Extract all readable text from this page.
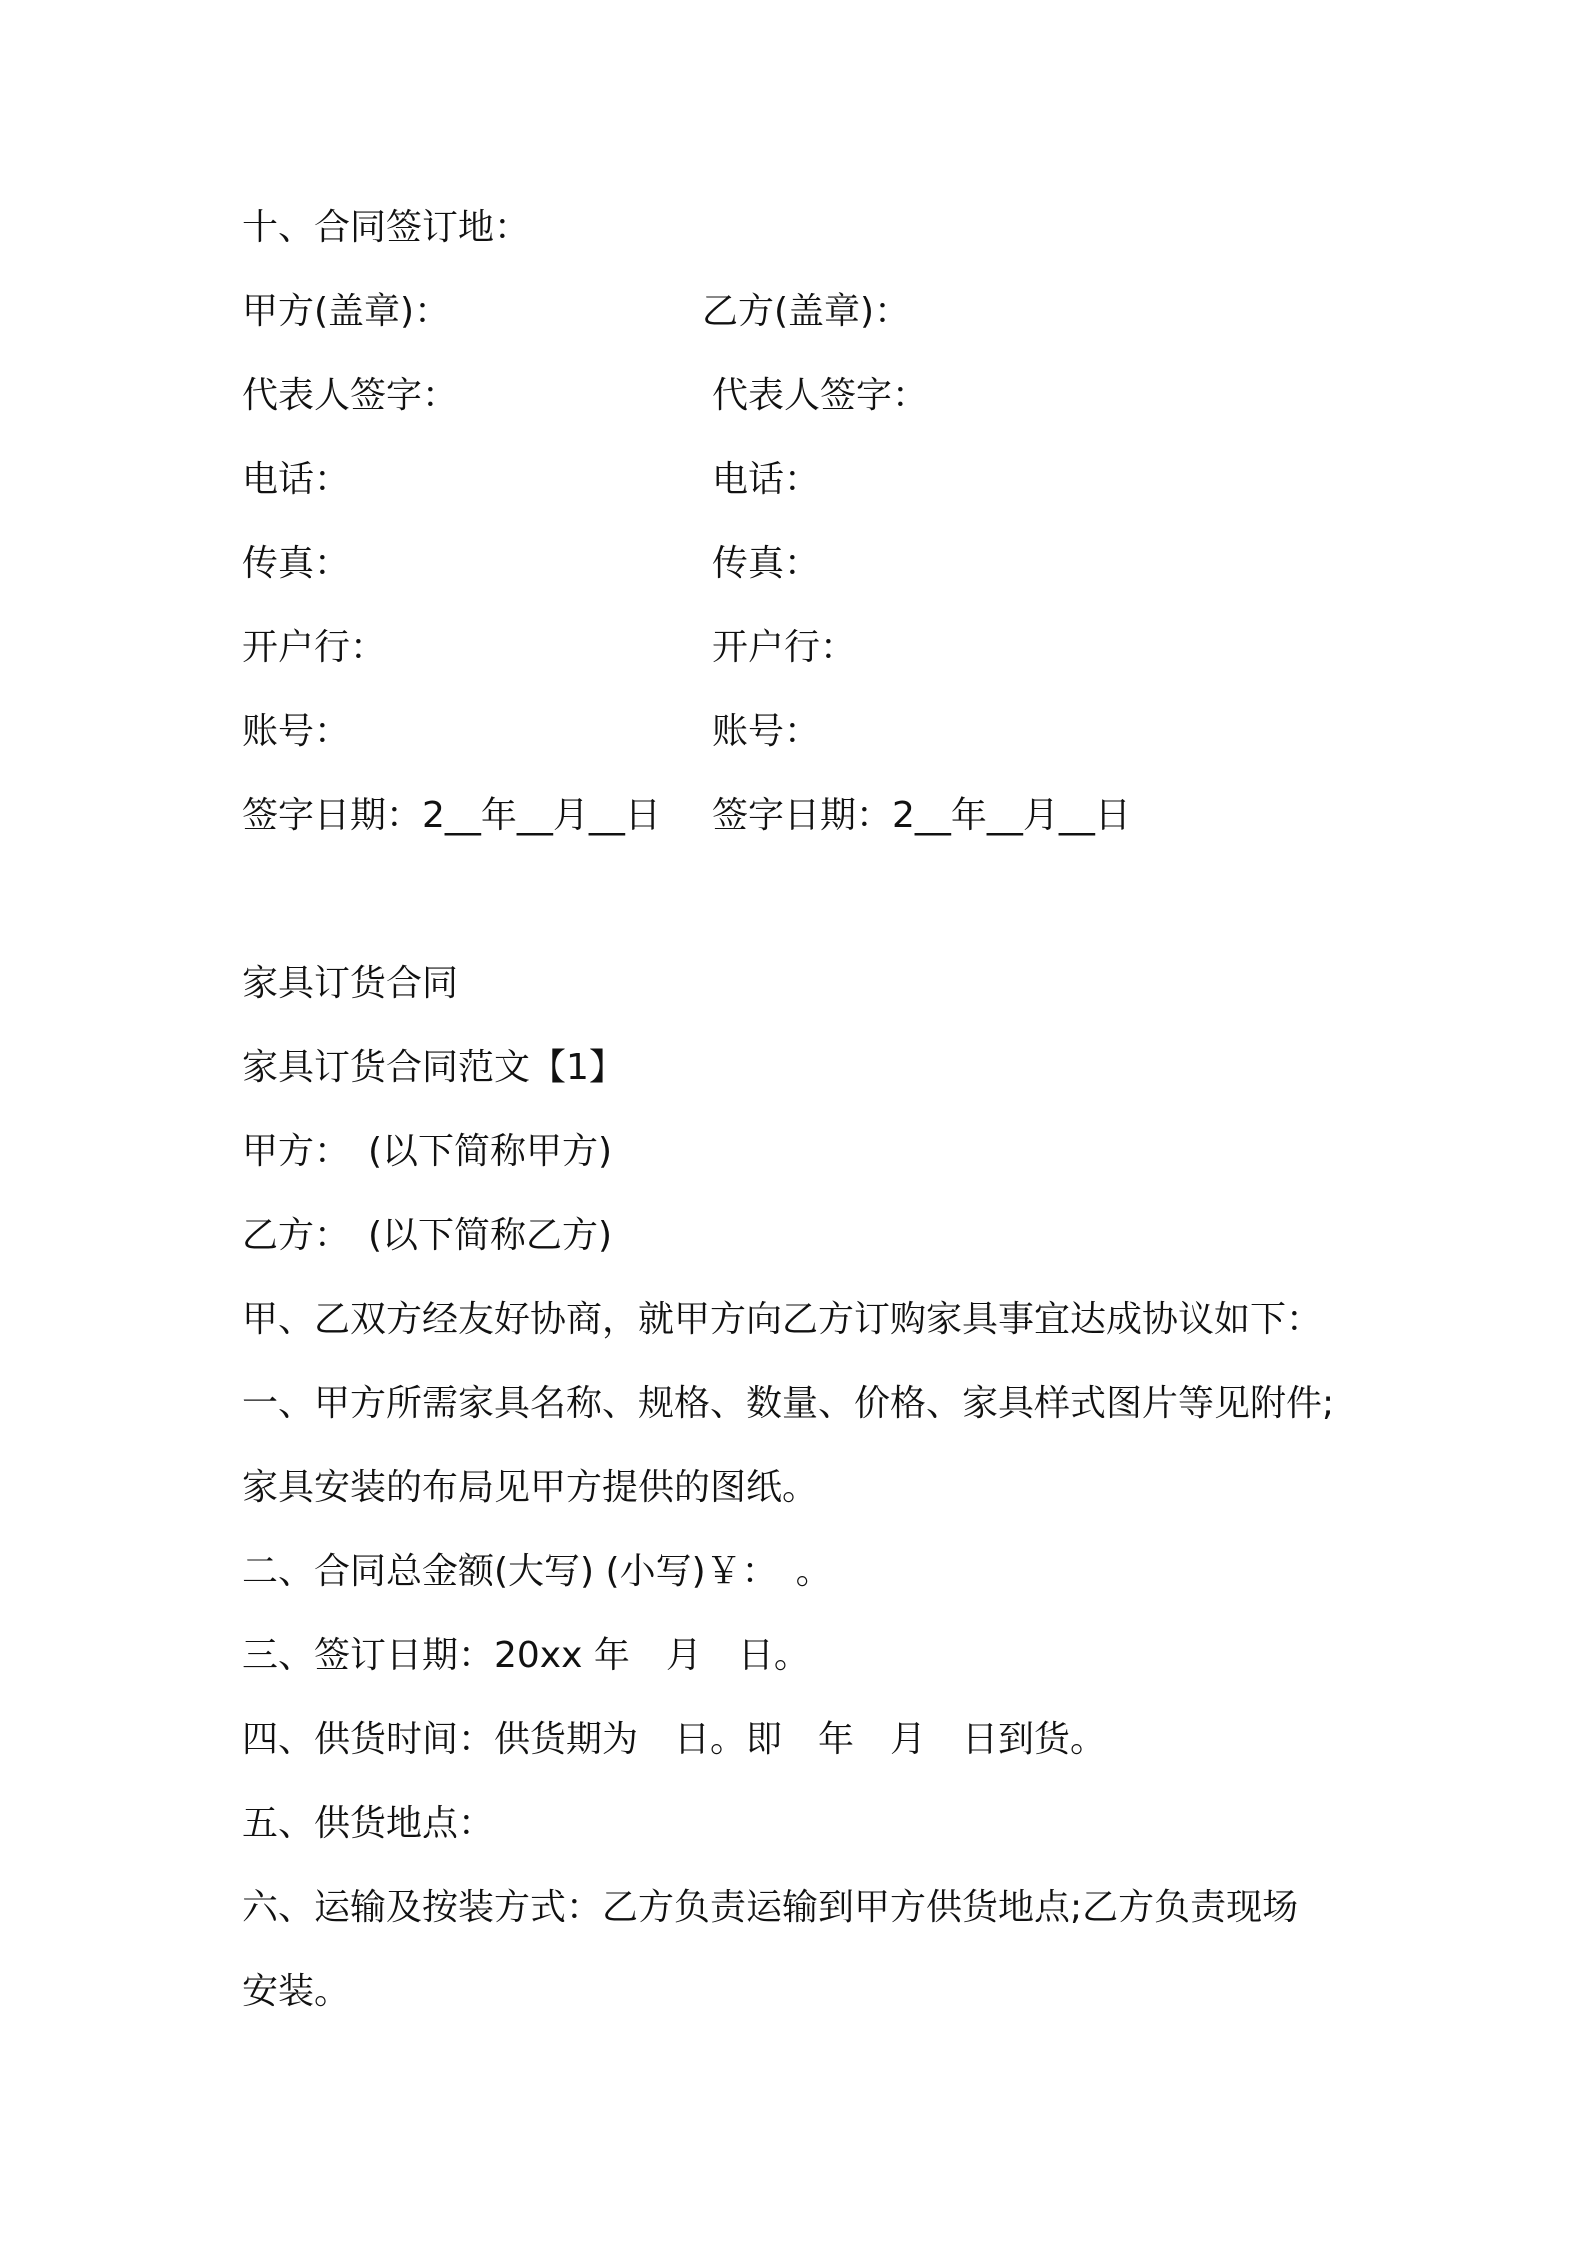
十、合同签订地：
甲方(盖章)：	乙方(盖章)：
代表人签字：	代表人签字：
电话：	电话：
传真：	传真：
开户行：	开户行：
账号：	账号：
签字日期：2__年__月__日 签字日期：2__年__月__日
家具订货合同
家具订货合同范文【1】
甲方：　(以下简称甲方)
乙方：　(以下简称乙方)
甲、乙双方经友好协商，就甲方向乙方订购家具事宜达成协议如下：
一、甲方所需家具名称、规格、数量、价格、家具样式图片等见附件;
家具安装的布局见甲方提供的图纸。
二、合同总金额(大写) (小写)￥：　。
三、签订日期：20xx 年　月　日。
四、供货时间：供货期为　日。即　年　月　日到货。
五、供货地点：
六、运输及按装方式：乙方负责运输到甲方供货地点;乙方负责现场
安装。
